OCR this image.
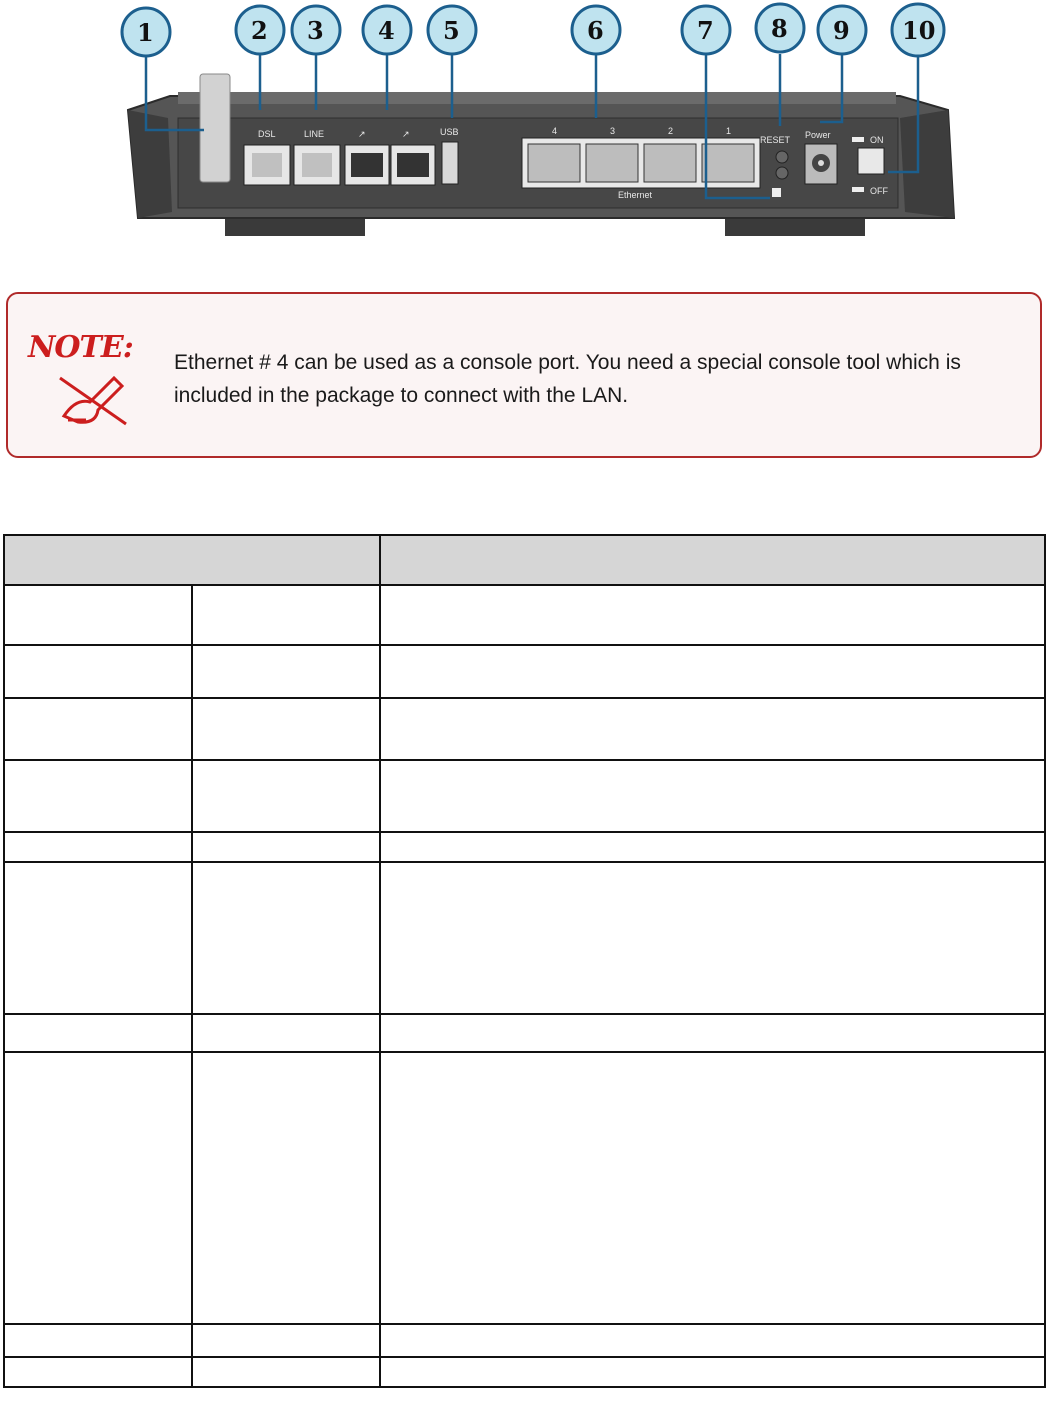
DSL	LINE	↗	↗	USB	4	3	2	1
Ethernet
RESET Power	ON
OFF
1	2 3 4 5	6	7 8 9 10
NOTE: Ethernet # 4 can be used as a console port. You need a special console tool which is
included in the package to connect with the LAN.
